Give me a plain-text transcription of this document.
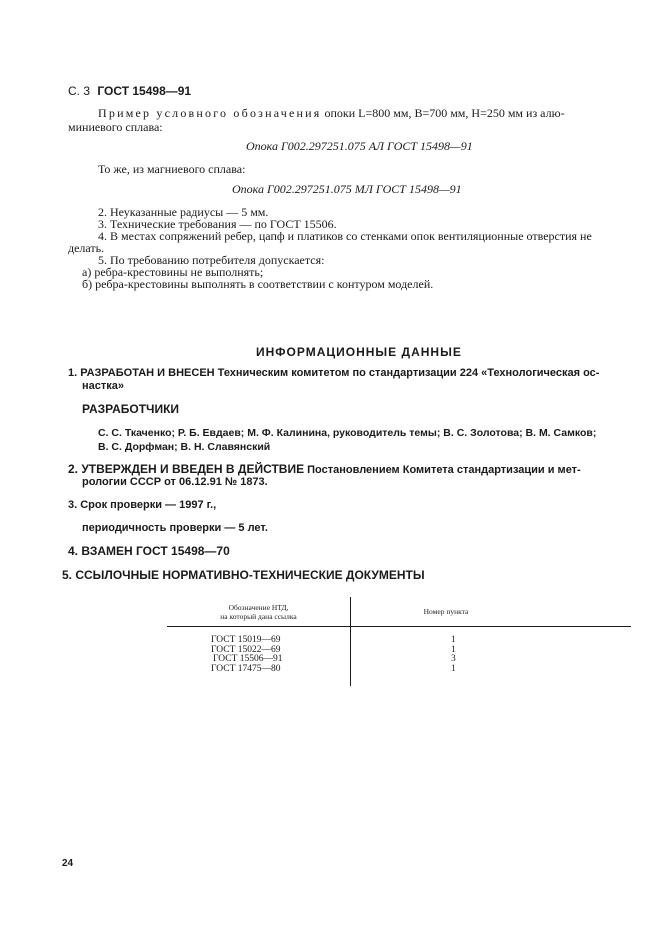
С. 3 ГОСТ 15498—91
Пример условного обозначения опоки L=800 мм, B=700 мм, H=250 мм из алю-
миниевого сплава:
Опока Г002.297251.075 АЛ ГОСТ 15498—91
То же, из магниевого сплава:
Опока Г002.297251.075 МЛ ГОСТ 15498—91
2. Неуказанные радиусы — 5 мм.
3. Технические требования — по ГОСТ 15506.
4. В местах сопряжений ребер, цапф и платиков со стенками опок вентиляционные отверстия не
делать.
5. По требованию потребителя допускается:
а) ребра-крестовины не выполнять;
б) ребра-крестовины выполнять в соответствии с контуром моделей.
ИНФОРМАЦИОННЫЕ ДАННЫЕ
1. РАЗРАБОТАН И ВНЕСЕН Техническим комитетом по стандартизации 224 «Технологическая ос-
настка»
РАЗРАБОТЧИКИ
С. С. Ткаченко; Р. Б. Евдаев; М. Ф. Калинина, руководитель темы; В. С. Золотова; В. М. Самков;
В. С. Дорфман; В. Н. Славянский
2. УТВЕРЖДЕН И ВВЕДЕН В ДЕЙСТВИЕ Постановлением Комитета стандартизации и мет-
рологии СССР от 06.12.91 № 1873.
3. Срок проверки — 1997 г.,
периодичность проверки — 5 лет.
4. ВЗАМЕН ГОСТ 15498—70
5. ССЫЛОЧНЫЕ НОРМАТИВНО-ТЕХНИЧЕСКИЕ ДОКУМЕНТЫ
Обозначение НТД,
на который дана ссылка	Номер пункта

ГОСТ 15019—69	1
ГОСТ 15022—69	1
ГОСТ 15506—91	3
ГОСТ 17475—80	1

24
